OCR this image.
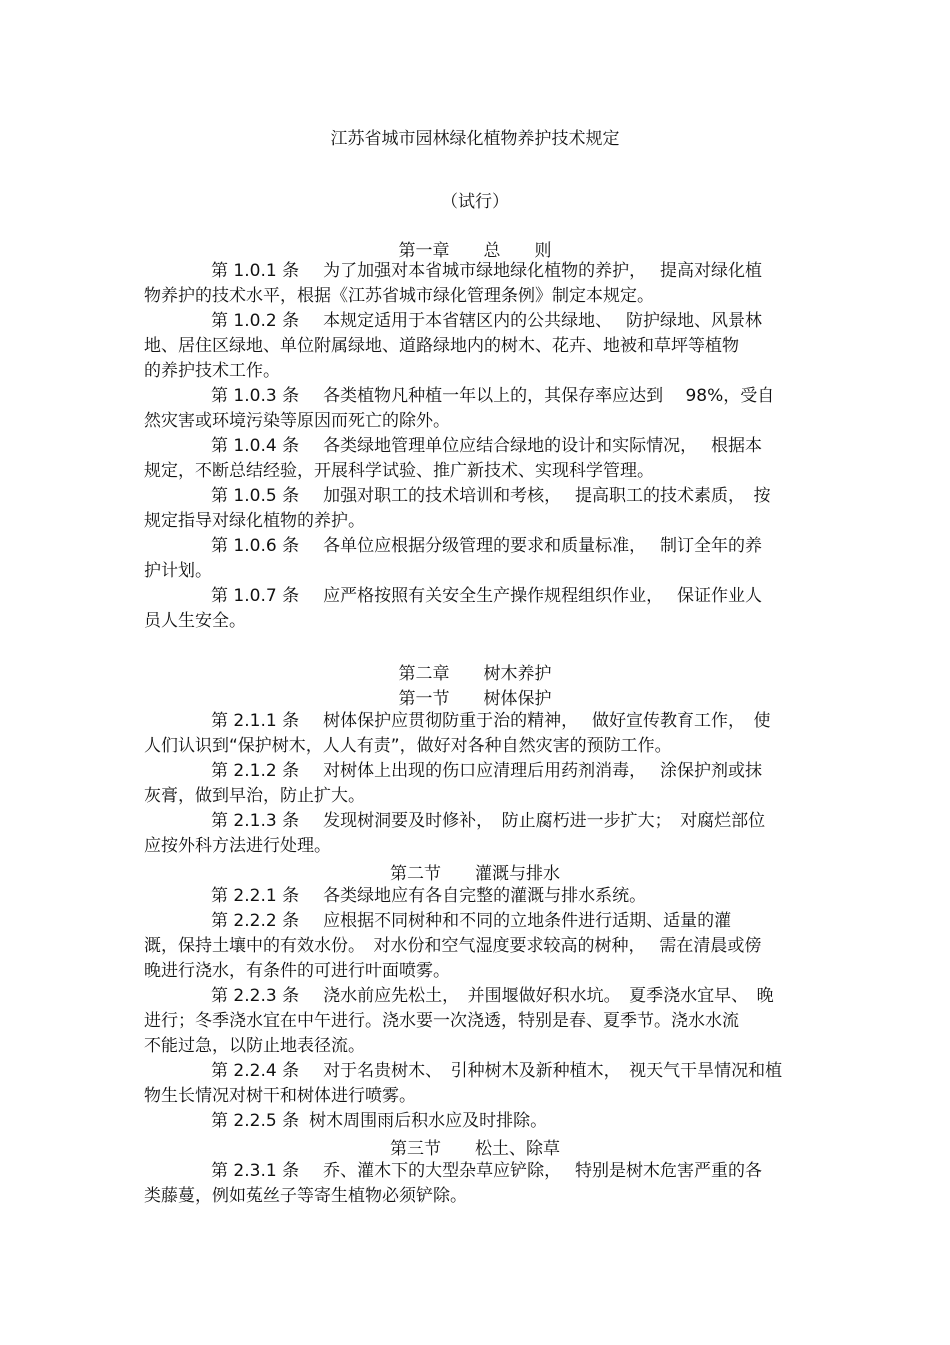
江苏省城市园林绿化植物养护技术规定
（试行）
第一章 总 则
第 1.0.1 条 为了加强对本省城市绿地绿化植物的养护，　 提高对绿化植
物养护的技术水平，根据《江苏省城市绿化管理条例》制定本规定。
第 1.0.2 条 本规定适用于本省辖区内的公共绿地、　 防护绿地、风景林
地、居住区绿地、单位附属绿地、道路绿地内的树木、花卉、地被和草坪等植物
的养护技术工作。
第 1.0.3 条 各类植物凡种植一年以上的，其保存率应达到　 98%，受自
然灾害或环境污染等原因而死亡的除外。
第 1.0.4 条 各类绿地管理单位应结合绿地的设计和实际情况，　 根据本
规定，不断总结经验，开展科学试验、推广新技术、实现科学管理。
第 1.0.5 条 加强对职工的技术培训和考核，　 提高职工的技术素质，　按
规定指导对绿化植物的养护。
第 1.0.6 条 各单位应根据分级管理的要求和质量标准，　 制订全年的养
护计划。
第 1.0.7 条 应严格按照有关安全生产操作规程组织作业，　 保证作业人
员人生安全。
第二章 树木养护
第一节 树体保护
第 2.1.1 条 树体保护应贯彻防重于治的精神，　 做好宣传教育工作，　使
人们认识到“保护树木，人人有责”，做好对各种自然灾害的预防工作。
第 2.1.2 条 对树体上出现的伤口应清理后用药剂消毒，　 涂保护剂或抹
灰膏，做到早治，防止扩大。
第 2.1.3 条 发现树洞要及时修补，　防止腐朽进一步扩大；　对腐烂部位
应按外科方法进行处理。
第二节 灌溉与排水
第 2.2.1 条 各类绿地应有各自完整的灌溉与排水系统。
第 2.2.2 条 应根据不同树种和不同的立地条件进行适期、适量的灌
溉，保持土壤中的有效水份。　对水份和空气湿度要求较高的树种，　 需在清晨或傍
晚进行浇水，有条件的可进行叶面喷雾。
第 2.2.3 条 浇水前应先松土，　并围堰做好积水坑。　夏季浇水宜早、　晚
进行；冬季浇水宜在中午进行。浇水要一次浇透，特别是春、夏季节。浇水水流
不能过急，以防止地表径流。
第 2.2.4 条 对于名贵树木、　引种树木及新种植木，　视天气干旱情况和植
物生长情况对树干和树体进行喷雾。
第 2.2.5 条 树木周围雨后积水应及时排除。
第三节 松土、除草
第 2.3.1 条 乔、灌木下的大型杂草应铲除，　 特别是树木危害严重的各
类藤蔓，例如菟丝子等寄生植物必须铲除。
